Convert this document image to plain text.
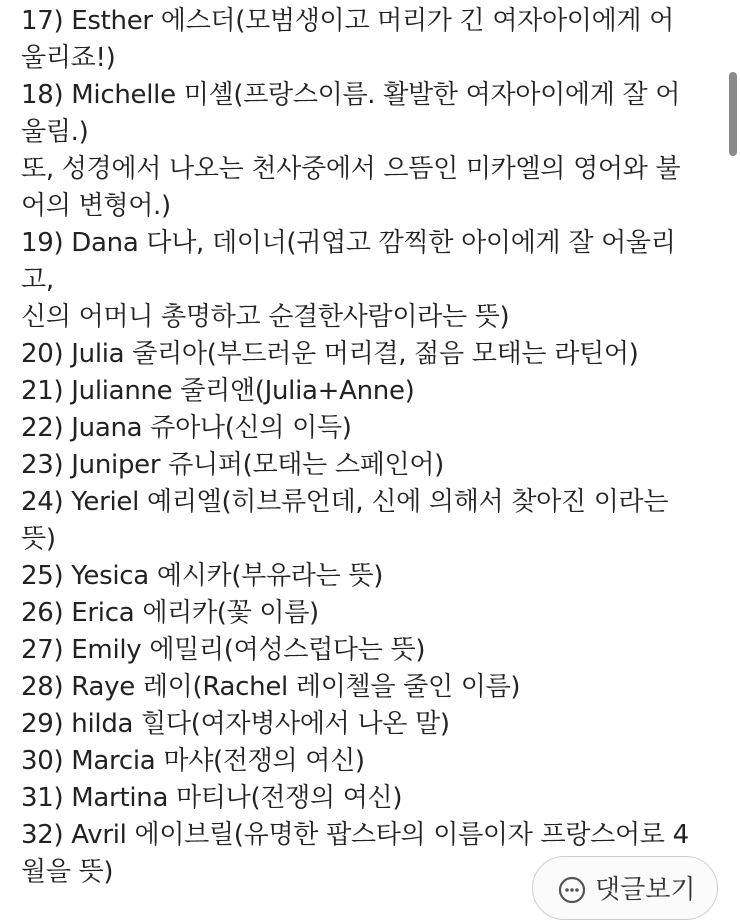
17) Esther 에스더(모범생이고 머리가 긴 여자아이에게 어
울리죠!)
18) Michelle 미셸(프랑스이름. 활발한 여자아이에게 잘 어
울림.)
또, 성경에서 나오는 천사중에서 으뜸인 미카엘의 영어와 불
어의 변형어.)
19) Dana 다나, 데이너(귀엽고 깜찍한 아이에게 잘 어울리
고,
신의 어머니 총명하고 순결한사람이라는 뜻)
20) Julia 줄리아(부드러운 머리결, 젊음 모태는 라틴어)
21) Julianne 줄리앤(Julia+Anne)
22) Juana 쥬아나(신의 이득)
23) Juniper 쥬니퍼(모태는 스페인어)
24) Yeriel 예리엘(히브류언데, 신에 의해서 찾아진 이라는
뜻)
25) Yesica 예시카(부유라는 뜻)
26) Erica 에리카(꽃 이름)
27) Emily 에밀리(여성스럽다는 뜻)
28) Raye 레이(Rachel 레이첼을 줄인 이름)
29) hilda 힐다(여자병사에서 나온 말)
30) Marcia 마샤(전쟁의 여신)
31) Martina 마티나(전쟁의 여신)
32) Avril 에이브릴(유명한 팝스타의 이름이자 프랑스어로 4
월을 뜻)
댓글보기
